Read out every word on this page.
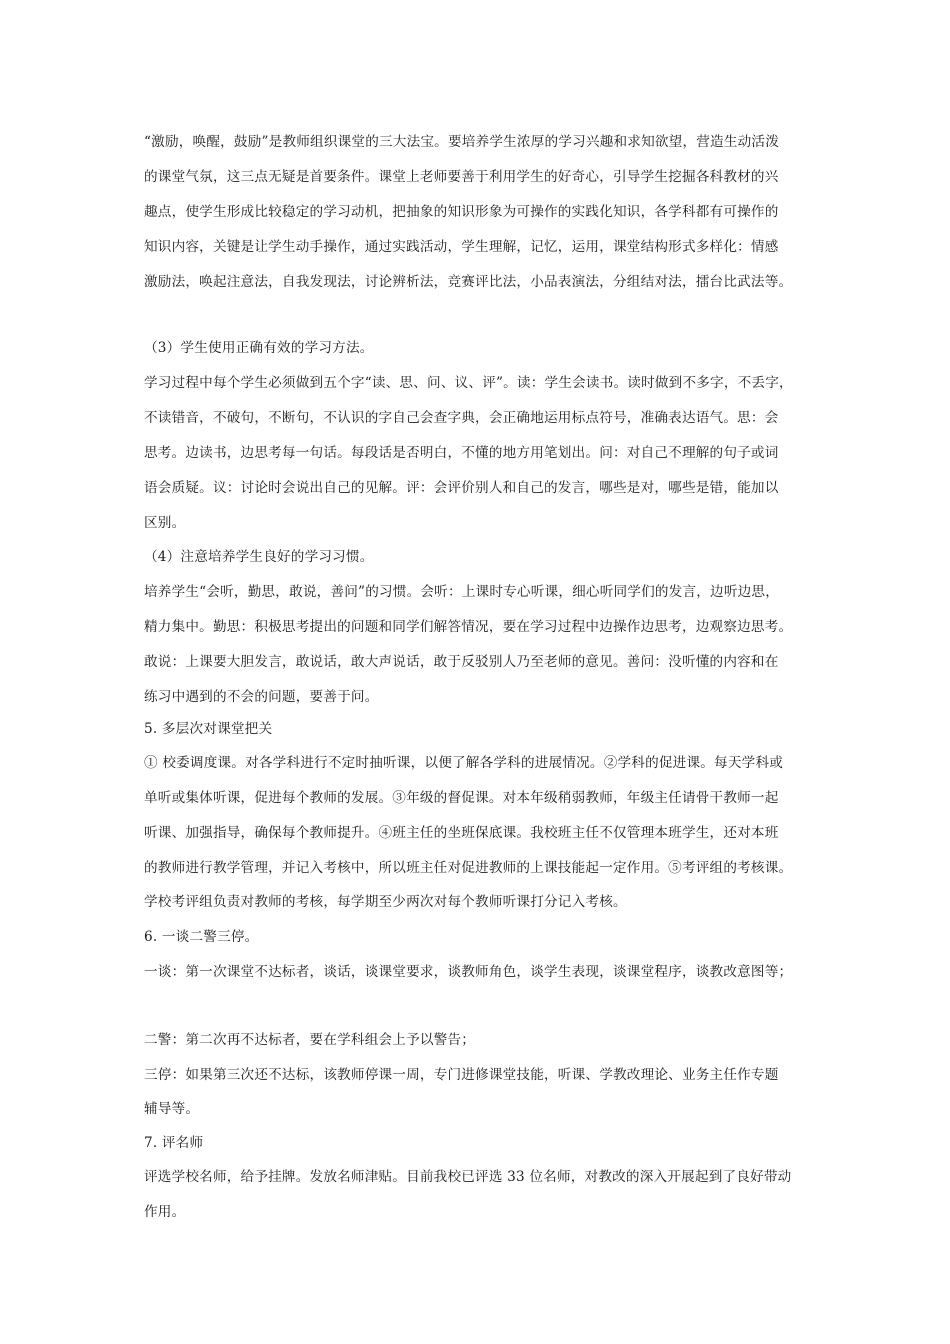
“激励，唤醒，鼓励”是教师组织课堂的三大法宝。要培养学生浓厚的学习兴趣和求知欲望，营造生动活泼
的课堂气氛，这三点无疑是首要条件。课堂上老师要善于利用学生的好奇心，引导学生挖掘各科教材的兴
趣点，使学生形成比较稳定的学习动机，把抽象的知识形象为可操作的实践化知识，各学科都有可操作的
知识内容，关键是让学生动手操作，通过实践活动，学生理解，记忆，运用，课堂结构形式多样化：情感
激励法，唤起注意法，自我发现法，讨论辨析法，竞赛评比法，小品表演法，分组结对法，擂台比武法等。
（3）学生使用正确有效的学习方法。
学习过程中每个学生必须做到五个字“读、思、问、议、评”。读：学生会读书。读时做到不多字，不丢字，
不读错音，不破句，不断句，不认识的字自己会查字典，会正确地运用标点符号，准确表达语气。思：会
思考。边读书，边思考每一句话。每段话是否明白，不懂的地方用笔划出。问：对自己不理解的句子或词
语会质疑。议：讨论时会说出自己的见解。评：会评价别人和自己的发言，哪些是对，哪些是错，能加以
区别。
（4）注意培养学生良好的学习习惯。
培养学生“会听，勤思，敢说，善问”的习惯。会听：上课时专心听课，细心听同学们的发言，边听边思，
精力集中。勤思：积极思考提出的问题和同学们解答情况，要在学习过程中边操作边思考，边观察边思考。
敢说：上课要大胆发言，敢说话，敢大声说话，敢于反驳别人乃至老师的意见。善问：没听懂的内容和在
练习中遇到的不会的问题，要善于问。
5. 多层次对课堂把关
① 校委调度课。对各学科进行不定时抽听课，以便了解各学科的进展情况。②学科的促进课。每天学科或
单听或集体听课，促进每个教师的发展。③年级的督促课。对本年级稍弱教师，年级主任请骨干教师一起
听课、加强指导，确保每个教师提升。④班主任的坐班保底课。我校班主任不仅管理本班学生，还对本班
的教师进行教学管理，并记入考核中，所以班主任对促进教师的上课技能起一定作用。⑤考评组的考核课。
学校考评组负责对教师的考核，每学期至少两次对每个教师听课打分记入考核。
6. 一谈二警三停。
一谈：第一次课堂不达标者，谈话，谈课堂要求，谈教师角色，谈学生表现，谈课堂程序，谈教改意图等；
二警：第二次再不达标者，要在学科组会上予以警告；
三停：如果第三次还不达标，该教师停课一周，专门进修课堂技能，听课、学教改理论、业务主任作专题
辅导等。
7. 评名师
评选学校名师，给予挂牌。发放名师津贴。目前我校已评选 33 位名师，对教改的深入开展起到了良好带动
作用。
